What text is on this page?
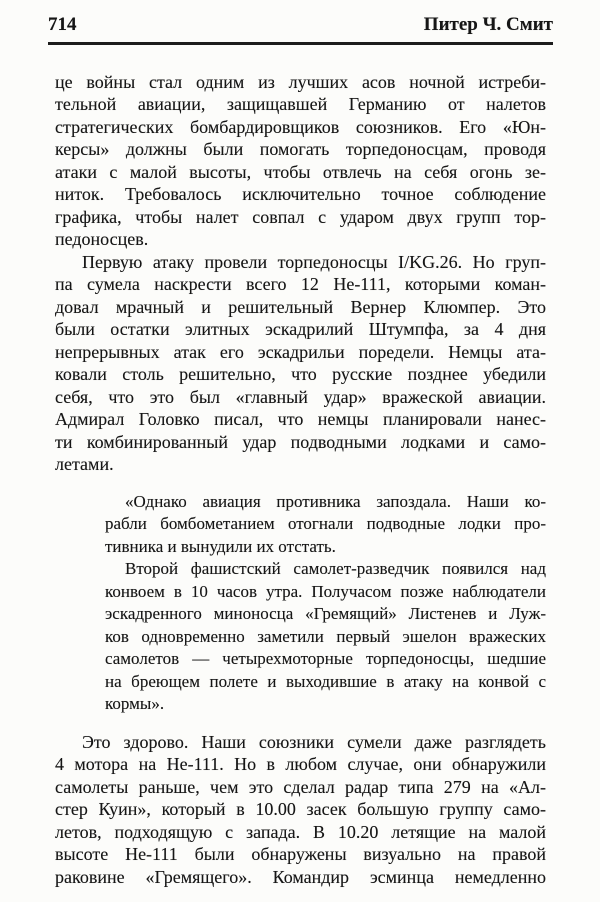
714	Питер Ч. Смит
це войны стал одним из лучших асов ночной истреби-
тельной авиации, защищавшей Германию от налетов
стратегических бомбардировщиков союзников. Его «Юн-
керсы» должны были помогать торпедоносцам, проводя
атаки с малой высоты, чтобы отвлечь на себя огонь зе-
ниток. Требовалось исключительно точное соблюдение
графика, чтобы налет совпал с ударом двух групп тор-
педоносцев.
Первую атаку провели торпедоносцы I/KG.26. Но груп-
па сумела наскрести всего 12 He-111, которыми коман-
довал мрачный и решительный Вернер Клюмпер. Это
были остатки элитных эскадрилий Штумпфа, за 4 дня
непрерывных атак его эскадрильи поредели. Немцы ата-
ковали столь решительно, что русские позднее убедили
себя, что это был «главный удар» вражеской авиации.
Адмирал Головко писал, что немцы планировали нанес-
ти комбинированный удар подводными лодками и само-
летами.
«Однако авиация противника запоздала. Наши ко-
рабли бомбометанием отогнали подводные лодки про-
тивника и вынудили их отстать.
Второй фашистский самолет-разведчик появился над
конвоем в 10 часов утра. Получасом позже наблюдатели
эскадренного миноносца «Гремящий» Листенев и Луж-
ков одновременно заметили первый эшелон вражеских
самолетов — четырехмоторные торпедоносцы, шедшие
на бреющем полете и выходившие в атаку на конвой с
кормы».
Это здорово. Наши союзники сумели даже разглядеть
4 мотора на He-111. Но в любом случае, они обнаружили
самолеты раньше, чем это сделал радар типа 279 на «Ал-
стер Куин», который в 10.00 засек большую группу само-
летов, подходящую с запада. В 10.20 летящие на малой
высоте He-111 были обнаружены визуально на правой
раковине «Гремящего». Командир эсминца немедленно
